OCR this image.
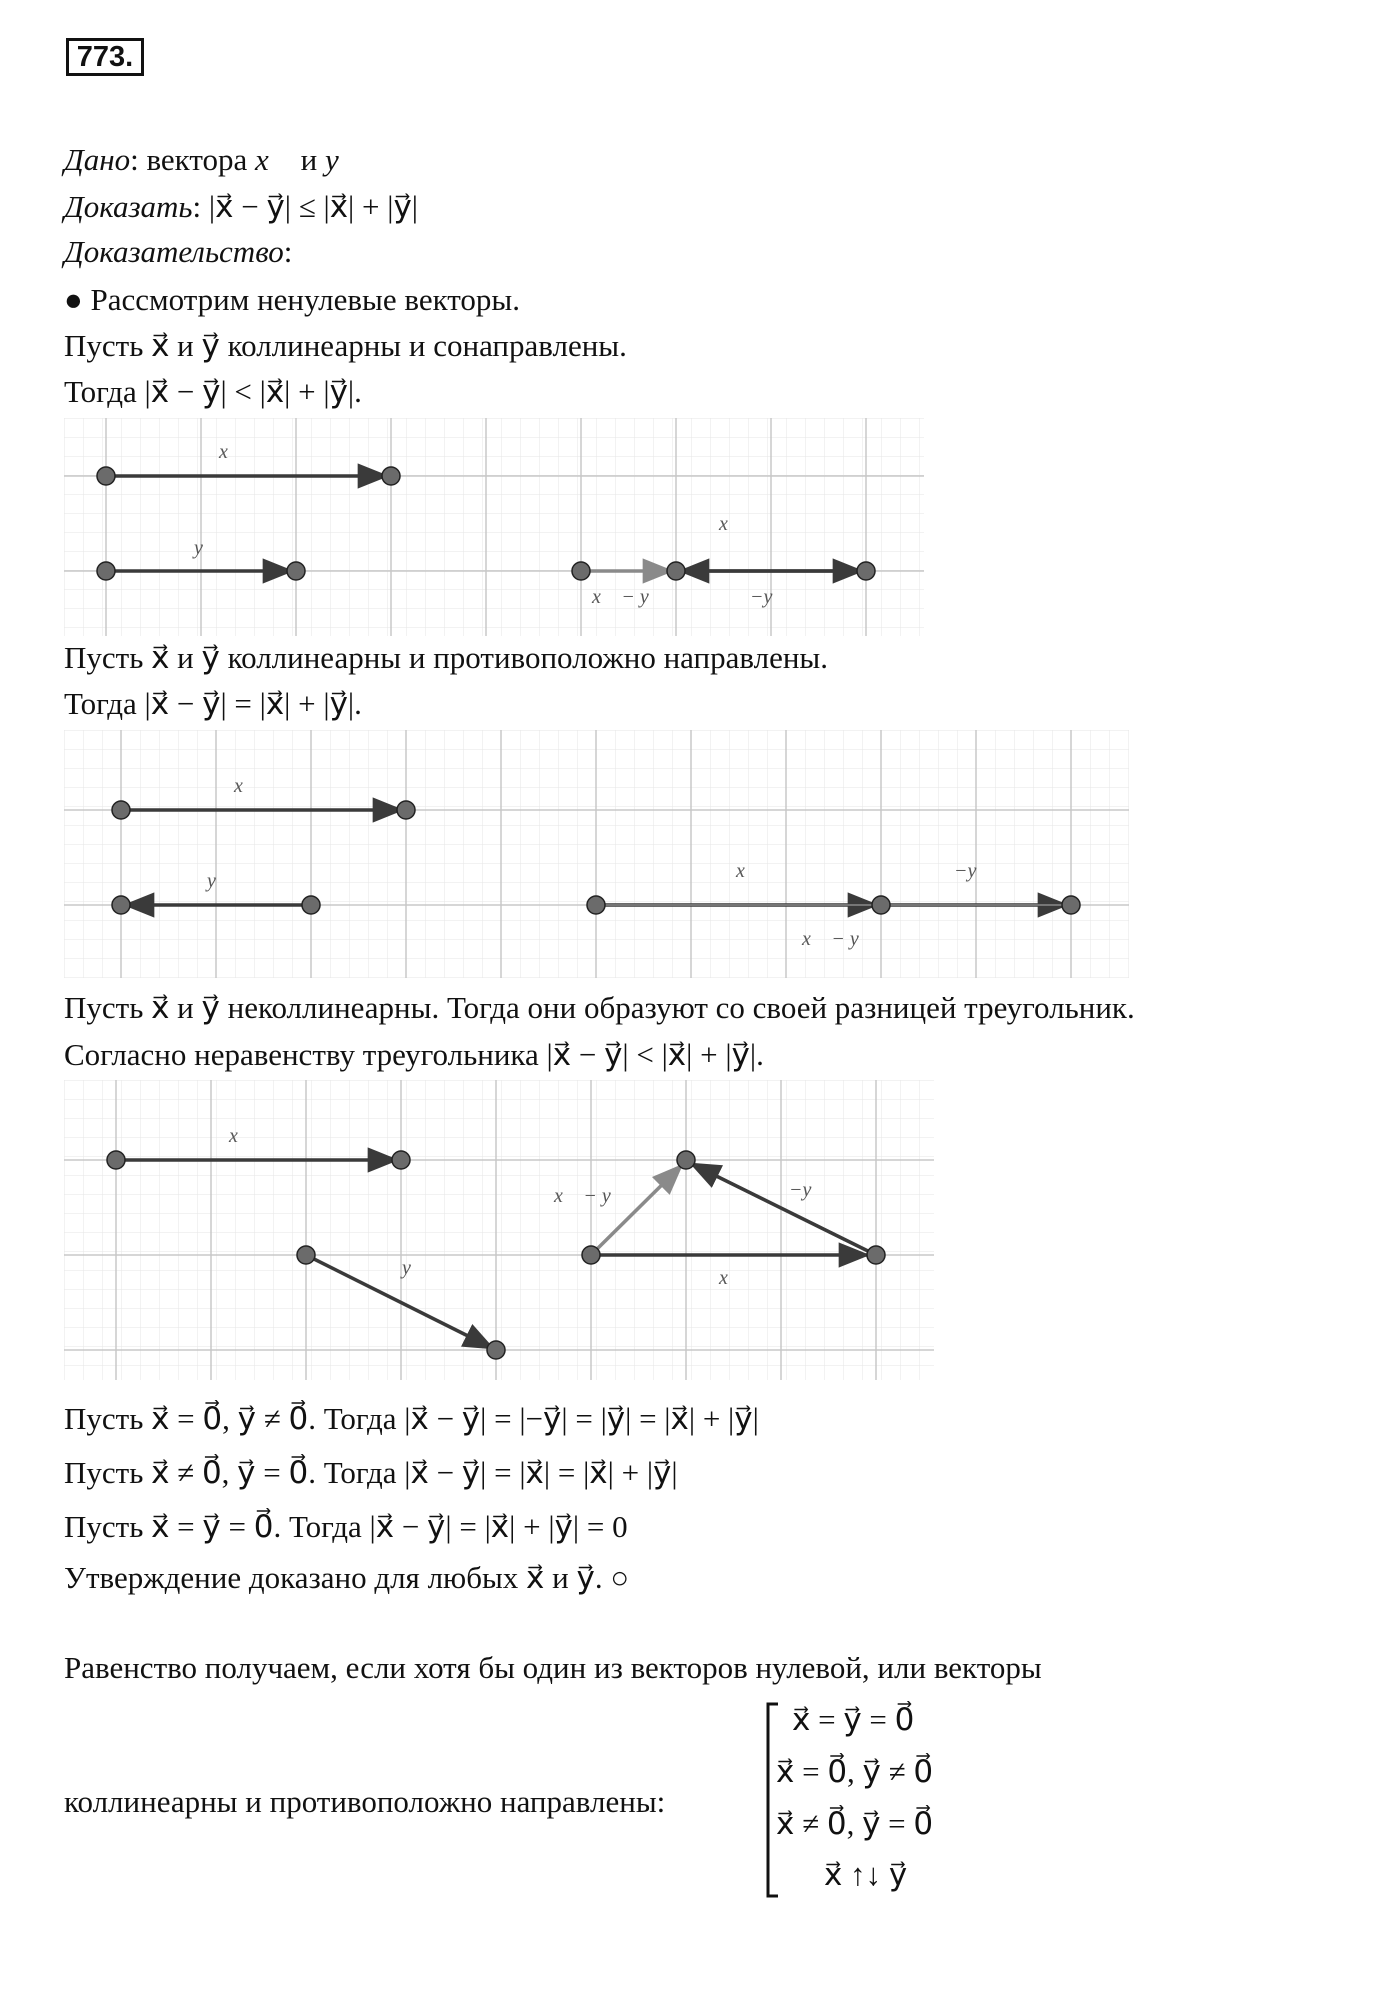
773.
Дано: вектора x⃗ и y⃗
Доказать: |x⃗ − y⃗| ≤ |x⃗| + |y⃗|
Доказательство:
● Рассмотрим ненулевые векторы.
Пусть x⃗ и y⃗ коллинеарны и сонаправлены.
Тогда |x⃗ − y⃗| < |x⃗| + |y⃗|.
x⃗
y⃗
x⃗
x⃗ − y⃗	−y⃗
Пусть x⃗ и y⃗ коллинеарны и противоположно направлены.
Тогда |x⃗ − y⃗| = |x⃗| + |y⃗|.
x⃗
y⃗	x⃗	−y⃗
x⃗ − y⃗
Пусть x⃗ и y⃗ неколлинеарны. Тогда они образуют со своей разницей треугольник.
Согласно неравенству треугольника |x⃗ − y⃗| < |x⃗| + |y⃗|.
x⃗
y⃗
x⃗ − y⃗	−y⃗
x⃗
Пусть x⃗ = 0⃗, y⃗ ≠ 0⃗. Тогда |x⃗ − y⃗| = |−y⃗| = |y⃗| = |x⃗| + |y⃗|
Пусть x⃗ ≠ 0⃗, y⃗ = 0⃗. Тогда |x⃗ − y⃗| = |x⃗| = |x⃗| + |y⃗|
Пусть x⃗ = y⃗ = 0⃗. Тогда |x⃗ − y⃗| = |x⃗| + |y⃗| = 0
Утверждение доказано для любых x⃗ и y⃗. ○
Равенство получаем, если хотя бы один из векторов нулевой, или векторы
коллинеарны и противоположно направлены:
x⃗ = y⃗ = 0⃗
x⃗ = 0⃗, y⃗ ≠ 0⃗
x⃗ ≠ 0⃗, y⃗ = 0⃗
x⃗ ↑↓ y⃗
